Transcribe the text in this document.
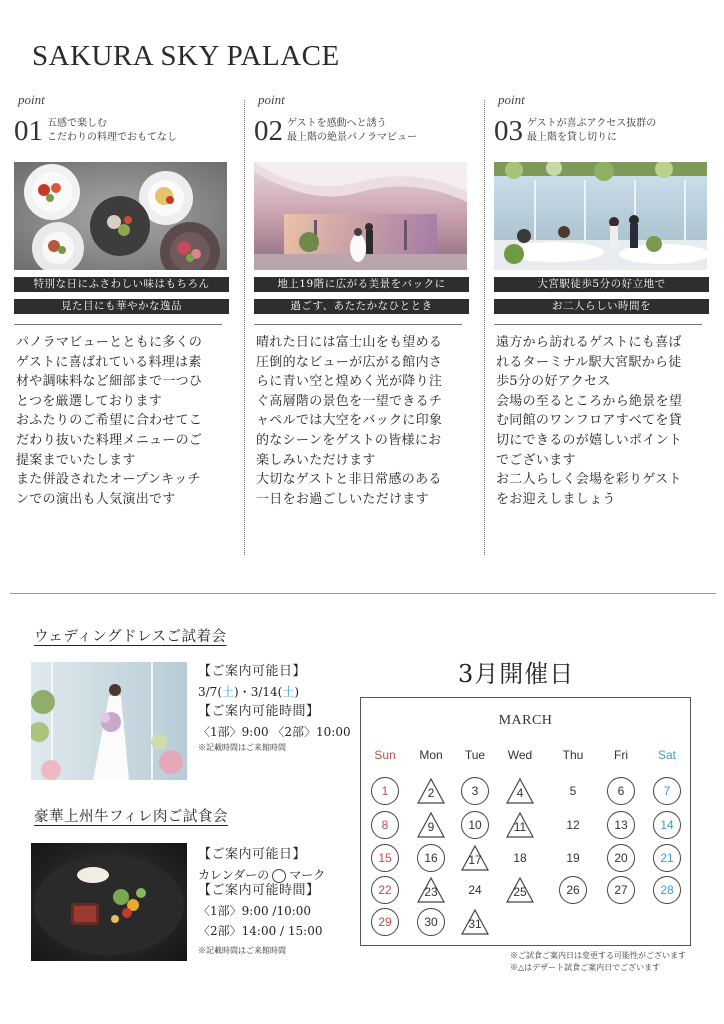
SAKURA SKY PALACE
point
01 五感で楽しむ
こだわりの料理でおもてなし
特別な日にふさわしい味はもちろん
見た目にも華やかな逸品
パノラマビューとともに多くの
ゲストに喜ばれている料理は素
材や調味料など細部まで一つひ
とつを厳選しております
おふたりのご希望に合わせてこ
だわり抜いた料理メニューのご
提案までいたします
また併設されたオープンキッチ
ンでの演出も人気演出です
point
02 ゲストを感動へと誘う
最上階の絶景パノラマビュー
地上19階に広がる美景をバックに
過ごす、あたたかなひととき
晴れた日には富士山をも望める
圧倒的なビューが広がる館内さ
らに青い空と煌めく光が降り注
ぐ高層階の景色を一望できるチ
ャペルでは大空をバックに印象
的なシーンをゲストの皆様にお
楽しみいただけます
大切なゲストと非日常感のある
一日をお過ごしいただけます
point
03 ゲストが喜ぶアクセス抜群の
最上階を貸し切りに
大宮駅徒歩5分の好立地で
お二人らしい時間を
遠方から訪れるゲストにも喜ば
れるターミナル駅大宮駅から徒
歩5分の好アクセス
会場の至るところから絶景を望
む同館のワンフロアすべてを貸
切にできるのが嬉しいポイント
でございます
お二人らしく会場を彩りゲスト
をお迎えしましょう
ウェディングドレスご試着会
【ご案内可能日】
3/7(土)・3/14(土)
【ご案内可能時間】
〈1部〉9:00 〈2部〉10:00
※記載時間はご来館時間
豪華上州牛フィレ肉ご試食会
【ご案内可能日】
カレンダーの ○ マーク
【ご案内可能時間】
〈1部〉9:00 /10:00
〈2部〉14:00 / 15:00
※記載時間はご来館時間
3月開催日
MARCH
Sun	Mon	Tue	Wed	Thu	Fri	Sat
1	2	3	4	5	6	7
8	9	10	11	12	13	14
15	16	17	18	19	20	21
22	23	24	25	26	27	28
29	30	31
※ご試食ご案内日は変更する可能性がございます
※△はデザート試食ご案内日でございます
